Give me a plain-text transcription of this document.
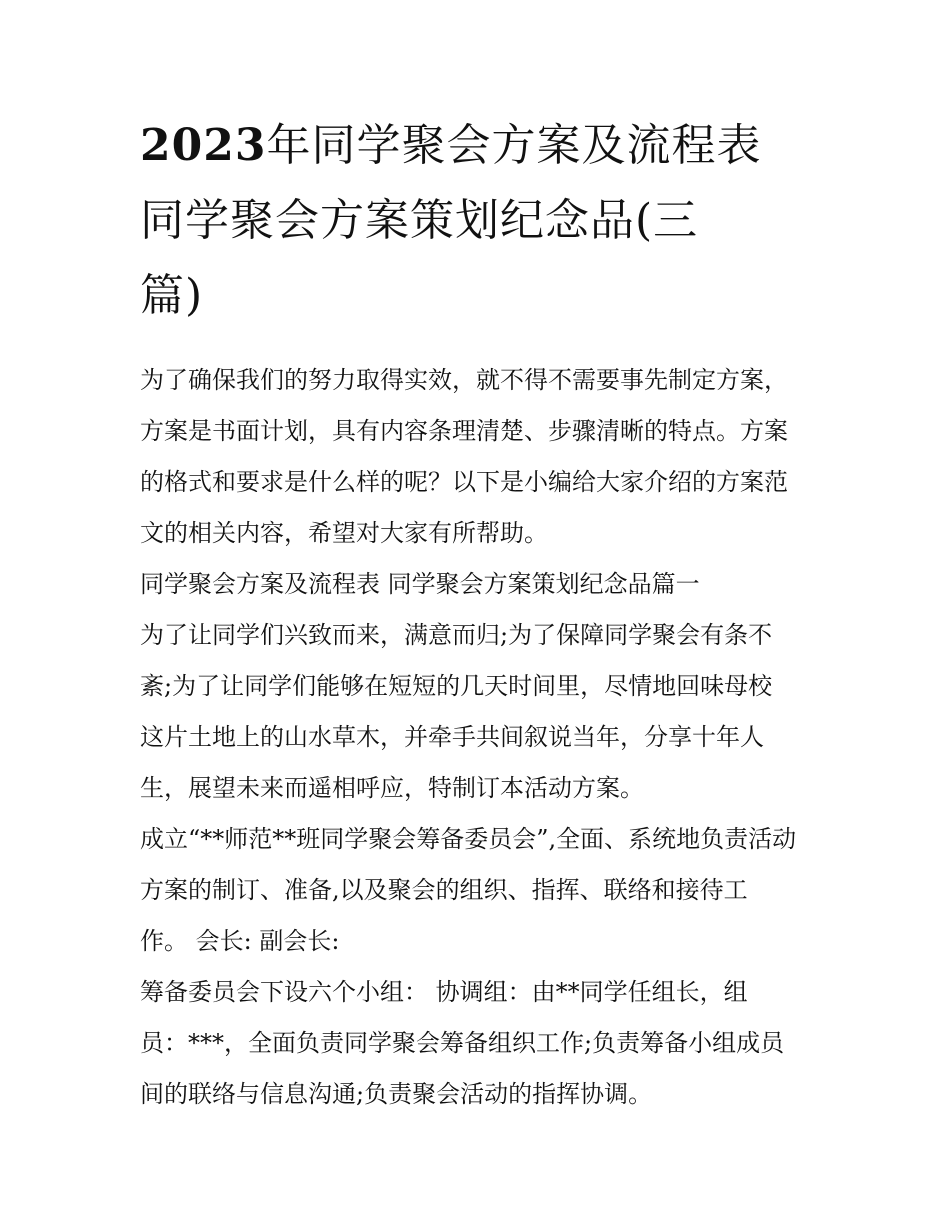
2023年同学聚会方案及流程表
同学聚会方案策划纪念品(三
篇)

为了确保我们的努力取得实效，就不得不需要事先制定方案，
方案是书面计划，具有内容条理清楚、步骤清晰的特点。方案
的格式和要求是什么样的呢？以下是小编给大家介绍的方案范
文的相关内容，希望对大家有所帮助。

同学聚会方案及流程表 同学聚会方案策划纪念品篇一

为了让同学们兴致而来，满意而归;为了保障同学聚会有条不
紊;为了让同学们能够在短短的几天时间里，尽情地回味母校
这片土地上的山水草木，并牵手共间叙说当年，分享十年人
生，展望未来而遥相呼应，特制订本活动方案。

成立“**师范**班同学聚会筹备委员会”,全面、系统地负责活动
方案的制订、准备,以及聚会的组织、指挥、联络和接待工
作。 会长: 副会长:

筹备委员会下设六个小组： 协调组：由**同学任组长，组
员：***，全面负责同学聚会筹备组织工作;负责筹备小组成员
间的联络与信息沟通;负责聚会活动的指挥协调。
